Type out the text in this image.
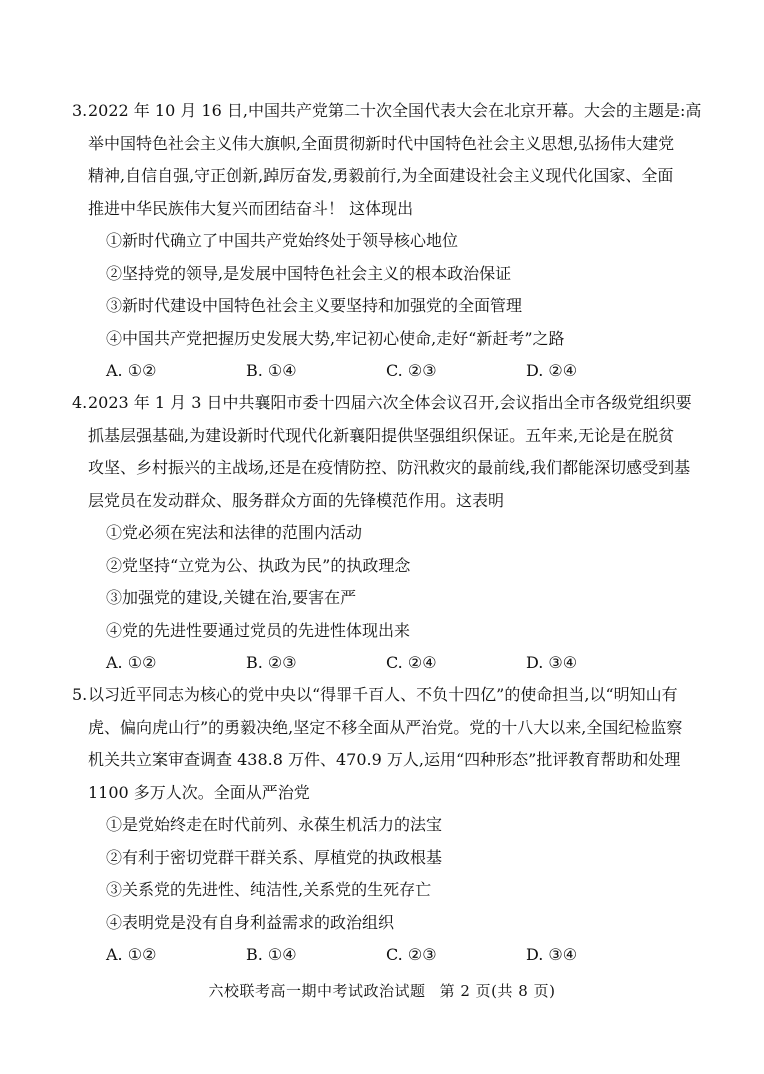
3. 2022 年 10 月 16 日,中国共产党第二十次全国代表大会在北京开幕。大会的主题是:高
举中国特色社会主义伟大旗帜,全面贯彻新时代中国特色社会主义思想,弘扬伟大建党
精神,自信自强,守正创新,踔厉奋发,勇毅前行,为全面建设社会主义现代化国家、全面
推进中华民族伟大复兴而团结奋斗！ 这体现出
①新时代确立了中国共产党始终处于领导核心地位
②坚持党的领导,是发展中国特色社会主义的根本政治保证
③新时代建设中国特色社会主义要坚持和加强党的全面管理
④中国共产党把握历史发展大势,牢记初心使命,走好“新赶考”之路
A. ①②	B. ①④	C. ②③	D. ②④
4. 2023 年 1 月 3 日中共襄阳市委十四届六次全体会议召开,会议指出全市各级党组织要
抓基层强基础,为建设新时代现代化新襄阳提供坚强组织保证。五年来,无论是在脱贫
攻坚、乡村振兴的主战场,还是在疫情防控、防汛救灾的最前线,我们都能深切感受到基
层党员在发动群众、服务群众方面的先锋模范作用。这表明
①党必须在宪法和法律的范围内活动
②党坚持“立党为公、执政为民”的执政理念
③加强党的建设,关键在治,要害在严
④党的先进性要通过党员的先进性体现出来
A. ①②	B. ②③	C. ②④	D. ③④
5. 以习近平同志为核心的党中央以“得罪千百人、不负十四亿”的使命担当,以“明知山有
虎、偏向虎山行”的勇毅决绝,坚定不移全面从严治党。党的十八大以来,全国纪检监察
机关共立案审查调查 438.8 万件、470.9 万人,运用“四种形态”批评教育帮助和处理
1100 多万人次。全面从严治党
①是党始终走在时代前列、永葆生机活力的法宝
②有利于密切党群干群关系、厚植党的执政根基
③关系党的先进性、纯洁性,关系党的生死存亡
④表明党是没有自身利益需求的政治组织
A. ①②	B. ①④	C. ②③	D. ③④
六校联考高一期中考试政治试题 第 2 页(共 8 页)
